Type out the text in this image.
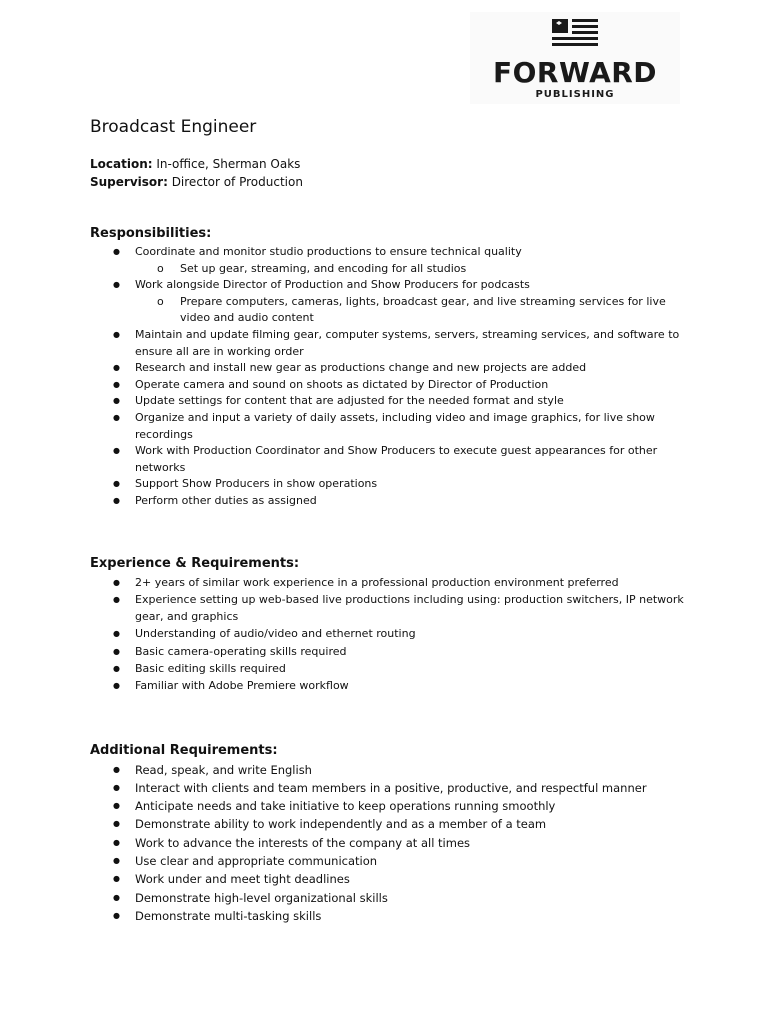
FORWARD
PUBLISHING
Broadcast Engineer
Location: In-office, Sherman Oaks
Supervisor: Director of Production
Responsibilities:
● Coordinate and monitor studio productions to ensure technical quality
o Set up gear, streaming, and encoding for all studios
● Work alongside Director of Production and Show Producers for podcasts
o Prepare computers, cameras, lights, broadcast gear, and live streaming services for live video and audio content
● Maintain and update filming gear, computer systems, servers, streaming services, and software to ensure all are in working order
● Research and install new gear as productions change and new projects are added
● Operate camera and sound on shoots as dictated by Director of Production
● Update settings for content that are adjusted for the needed format and style
● Organize and input a variety of daily assets, including video and image graphics, for live show recordings
● Work with Production Coordinator and Show Producers to execute guest appearances for other networks
● Support Show Producers in show operations
● Perform other duties as assigned
Experience & Requirements:
● 2+ years of similar work experience in a professional production environment preferred
● Experience setting up web-based live productions including using: production switchers, IP network gear, and graphics
● Understanding of audio/video and ethernet routing
● Basic camera-operating skills required
● Basic editing skills required
● Familiar with Adobe Premiere workflow
Additional Requirements:
● Read, speak, and write English
● Interact with clients and team members in a positive, productive, and respectful manner
● Anticipate needs and take initiative to keep operations running smoothly
● Demonstrate ability to work independently and as a member of a team
● Work to advance the interests of the company at all times
● Use clear and appropriate communication
● Work under and meet tight deadlines
● Demonstrate high-level organizational skills
● Demonstrate multi-tasking skills
